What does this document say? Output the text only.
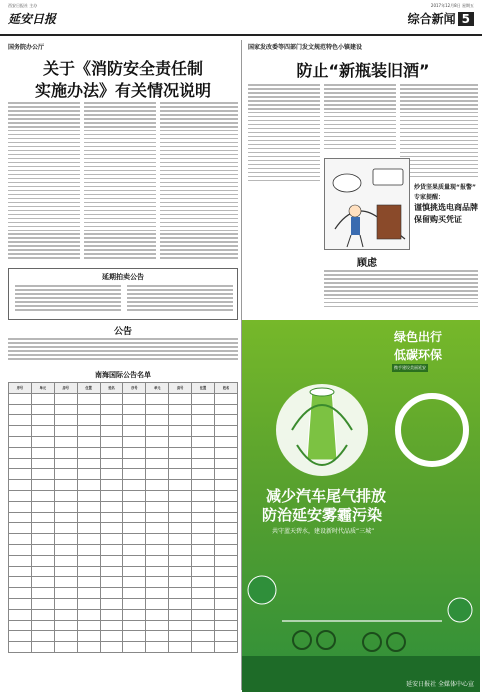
西安日报社 主办
延安日报
2017年12月8日 星期五
综合新闻 5
国务院办公厅
关于《消防安全责任制
实施办法》有关情况说明
延期拍卖公告
公告
南海国际公告名单
序号	单元	房号	住置	姓名	序号	单元	房号	住置	姓名

国家发改委等四部门发文规范特色小镇建设
防止“新瓶装旧酒”
顾虑
炒货坚果质量现“报警”
专家提醒：
谨慎挑选电商品牌
保留购买凭证
绿色出行
低碳环保
携手建设美丽延安
减少汽车尾气排放
防治延安雾霾污染
共守蓝天碧水，建设新时代品质“三城”
延安日报社 全媒体中心宣
